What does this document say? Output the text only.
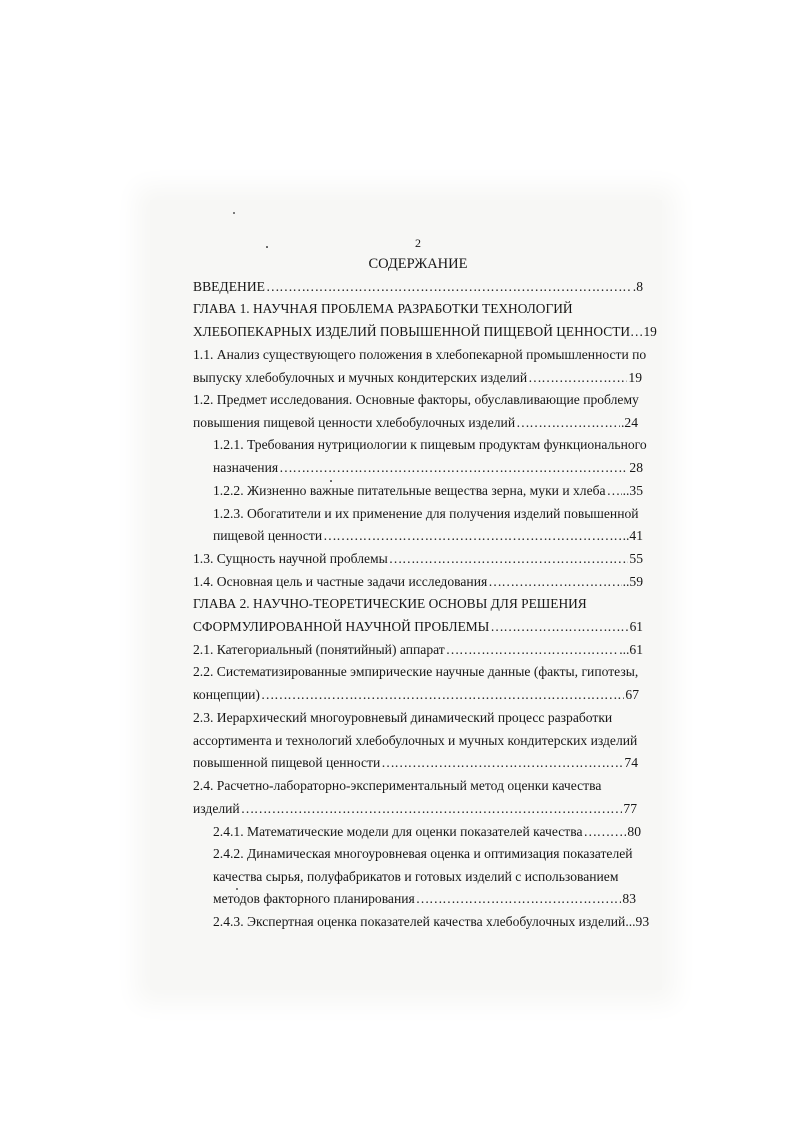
2

СОДЕРЖАНИЕ

ВВЕДЕНИЕ …………………………………………………………………………………………………………………………………………………………………………………………………………………………………………………………………………	.8
ГЛАВА 1. НАУЧНАЯ ПРОБЛЕМА РАЗРАБОТКИ ТЕХНОЛОГИЙ
ХЛЕБОПЕКАРНЫХ ИЗДЕЛИЙ ПОВЫШЕННОЙ ПИЩЕВОЙ ЦЕННОСТИ…19
1.1. Анализ существующего положения в хлебопекарной промышленности по
выпуску хлебобулочных и мучных кондитерских изделий …………………………………………………………………………………………………………………………………………………………………………………………………………………………………………………………………………	19
1.2. Предмет исследования. Основные факторы, обуславливающие проблему
повышения пищевой ценности хлебобулочных изделий …………………………………………………………………………………………………………………………………………………………………………………………………………………………………………………………………………	.24
1.2.1. Требования нутрициологии к пищевым продуктам функционального
назначения …………………………………………………………………………………………………………………………………………………………………………………………………………………………………………………………………………	28
1.2.2. Жизненно важные питательные вещества зерна, муки и хлеба ………………………………………………………………………………………………………………………………………………………………………………………………………………………………………………………………………… ..35
1.2.3. Обогатители и их применение для получения изделий повышенной
пищевой ценности …………………………………………………………………………………………………………………………………………………………………………………………………………………………………………………………………………	..41
1.3. Сущность научной проблемы …………………………………………………………………………………………………………………………………………………………………………………………………………………………………………………………………………	55
1.4. Основная цель и частные задачи исследования …………………………………………………………………………………………………………………………………………………………………………………………………………………………………………………………………………	..59
ГЛАВА 2. НАУЧНО-ТЕОРЕТИЧЕСКИЕ ОСНОВЫ ДЛЯ РЕШЕНИЯ
СФОРМУЛИРОВАННОЙ НАУЧНОЙ ПРОБЛЕМЫ …………………………………………………………………………………………………………………………………………………………………………………………………………………………………………………………………………	61
2.1. Категориальный (понятийный) аппарат …………………………………………………………………………………………………………………………………………………………………………………………………………………………………………………………………………	...61
2.2. Систематизированные эмпирические научные данные (факты, гипотезы,
концепции) …………………………………………………………………………………………………………………………………………………………………………………………………………………………………………………………………………	67
2.3. Иерархический многоуровневый динамический процесс разработки
ассортимента и технологий хлебобулочных и мучных кондитерских изделий
повышенной пищевой ценности …………………………………………………………………………………………………………………………………………………………………………………………………………………………………………………………………………	74
2.4. Расчетно-лабораторно-экспериментальный метод оценки качества
изделий …………………………………………………………………………………………………………………………………………………………………………………………………………………………………………………………………………	77
2.4.1. Математические модели для оценки показателей качества …………………………………………………………………………………………………………………………………………………………………………………………………………………………………………………………………………	80
2.4.2. Динамическая многоуровневая оценка и оптимизация показателей
качества сырья, полуфабрикатов и готовых изделий с использованием
методов факторного планирования …………………………………………………………………………………………………………………………………………………………………………………………………………………………………………………………………………	83
2.4.3. Экспертная оценка показателей качества хлебобулочных изделий...93
